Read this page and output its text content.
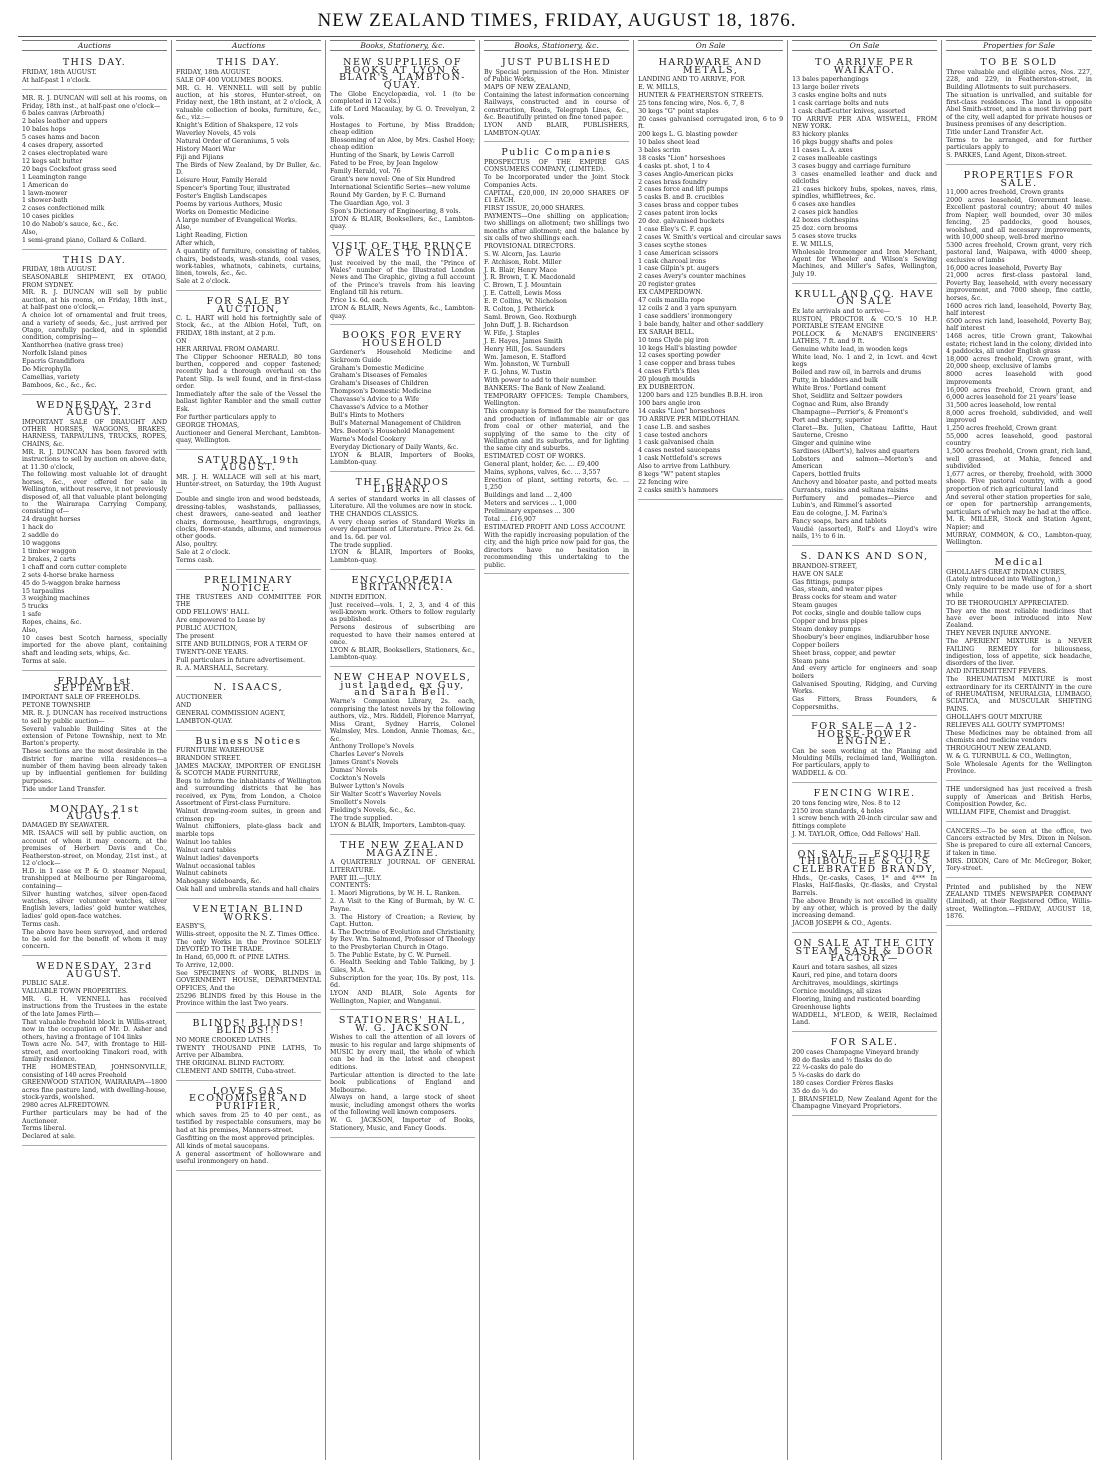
NEW ZEALAND TIMES, FRIDAY, AUGUST 18, 1876.
Auctions
THIS DAY.
FRIDAY, 18th AUGUST.
At half-past 1 o'clock.
MR. R. J. DUNCAN will sell at his rooms, on Friday, 18th inst., at half-past one o'clock—
6 bales canvas (Arbroath)
2 bales leather and uppers
10 bales hops
5 cases hams and bacon
4 cases drapery, assorted
2 cases electroplated ware
12 kegs salt butter
20 bags Cocksfoot grass seed
1 Leamington range
1 American do
1 lawn-mower
1 shower-bath
2 cases confectioned milk
10 cases pickles
10 do Nabob's sauce, &c., &c.
Also,
1 semi-grand piano, Collard & Collard.
THIS DAY.
FRIDAY, 18th AUGUST.
SEASONABLE SHIPMENT, EX OTAGO, FROM SYDNEY.
MR. R. J. DUNCAN will sell by public auction, at his rooms, on Friday, 18th inst., at half-past one o'clock,—
A choice lot of ornamental and fruit trees, and a variety of seeds, &c., just arrived per Otago, carefully packed, and in splendid condition, comprising—
Xanthorrhea (native grass tree)
Norfolk Island pines
Epacris Grandiflora
Do Microphylla
Camellias, variety
Bamboos, &c., &c., &c.
WEDNESDAY, 23rd AUGUST.
IMPORTANT SALE OF DRAUGHT AND OTHER HORSES, WAGGONS, BRAKES, HARNESS, TARPAULINS, TRUCKS, ROPES, CHAINS, &c.
MR. R. J. DUNCAN has been favored with instructions to sell by auction on above date, at 11.30 o'clock,
The following most valuable lot of draught horses, &c., ever offered for sale in Wellington, without reserve, it not previously disposed of, all that valuable plant belonging to the Wairarapa Carrying Company, consisting of—
24 draught horses
1 hack do
2 saddle do
10 waggons
1 timber waggon
2 brakes, 2 carts
1 chaff and corn cutter complete
2 sets 4-horse brake harness
45 do 5-waggon brake harness
15 tarpaulins
3 weighing machines
5 trucks
1 safe
Ropes, chains, &c.
Also,
10 cases best Scotch harness, specially imported for the above plant, containing shaft and leading sets, whips, &c.
Terms at sale.
FRIDAY, 1st SEPTEMBER.
IMPORTANT SALE OF FREEHOLDS.
PETONE TOWNSHIP.
MR. R. J. DUNCAN has received instructions to sell by public auction—
Several valuable Building Sites at the extension of Petone Township, next to Mr. Barton's property.
These sections are the most desirable in the district for marine villa residences—a number of them having been already taken up by influential gentlemen for building purposes.
Tide under Land Transfer.
MONDAY, 21st AUGUST.
DAMAGED BY SEAWATER.
MR. ISAACS will sell by public auction, on account of whom it may concern, at the premises of Herbert Davis and Co., Featherston-street, on Monday, 21st inst., at 12 o'clock—
H.D. in 1 case ex P. & O. steamer Nepaul, transhipped at Melbourne per Ringarooma, containing—
Silver hunting watches, silver open-faced watches, silver volunteer watches, silver English levers, ladies' gold hunter watches, ladies' gold open-face watches.
Terms cash.
The above have been surveyed, and ordered to be sold for the benefit of whom it may concern.
WEDNESDAY, 23rd AUGUST.
PUBLIC SALE.
VALUABLE TOWN PROPERTIES.
MR. G. H. VENNELL has received instructions from the Trustees in the estate of the late James Firth—
That valuable freehold block in Willis-street, now in the occupation of Mr. D. Asher and others, having a frontage of 104 links
Town acre No. 547, with frontage to Hill-street, and overlooking Tinakori road, with family residence.
THE HOMESTEAD, JOHNSONVILLE, consisting of 140 acres Freehold
GREENWOOD STATION, WAIRARAPA—1800 acres fine pasture land, with dwelling-house, stock-yards, woolshed.
2980 acres ALFREDTOWN.
Further particulars may be had of the Auctioneer.
Terms liberal.
Declared at sale.
Auctions
THIS DAY.
FRIDAY, 18th AUGUST.
SALE OF 400 VOLUMES BOOKS.
MR. G. H. VENNELL will sell by public auction, at his stores, Hunter-street, on Friday next, the 18th instant, at 2 o'clock, A valuable collection of books, furniture, &c., &c., viz.:—
Knight's Edition of Shakspere, 12 vols
Waverley Novels, 45 vols
Natural Order of Geraniums, 5 vols
History Maori War
Fiji and Fijians
The Birds of New Zealand, by Dr Buller, &c. D.
Leisure Hour, Family Herald
Spencer's Sporting Tour, illustrated
Foster's English Landscapes
Poems by various Authors, Music
Works on Domestic Medicine
A large number of Evangelical Works.
Also,
Light Reading, Fiction
After which,
A quantity of furniture, consisting of tables, chairs, bedsteads, wash-stands, coal vases, work-tables, whatnots, cabinets, curtains, linen, towels, &c., &c.
Sale at 2 o'clock.
FOR SALE BY AUCTION,
C. L. HART will hold his fortnightly sale of Stock, &c., at the Albion Hotel, Tuft, on FRIDAY, 18th instant, at 2 p.m.
ON
HER ARRIVAL FROM OAMARU.
The Clipper Schooner HERALD, 80 tons burthen, coppered and copper fastened; recently had a thorough overhaul on the Patent Slip. Is well found, and in first-class order.
Immediately after the sale of the Vessel the ballast lighter Rambler and the small cutter Esk.
For further particulars apply to
GEORGE THOMAS,
Auctioneer and General Merchant, Lambton-quay, Wellington.
SATURDAY, 19th AUGUST.
MR. J. H. WALLACE will sell at his mart, Hunter-street, on Saturday, the 19th August—
Double and single iron and wood bedsteads, dressing-tables, washstands, palliasses, chest drawers, cane-seated and leather chairs, dormouse, hearthrugs, engravings, clocks, flower-stands, albums, and numerous other goods.
Also, poultry.
Sale at 2 o'clock.
Terms cash.
PRELIMINARY NOTICE.
THE TRUSTEES AND COMMITTEE FOR THE
ODD FELLOWS' HALL
Are empowered to Lease by
PUBLIC AUCTION,
The present
SITE AND BUILDINGS, FOR A TERM OF
TWENTY-ONE YEARS.
Full particulars in future advertisement.
R. A. MARSHALL, Secretary.
N. ISAACS,
AUCTIONEER
AND
GENERAL COMMISSION AGENT,
LAMBTON-QUAY.
Business Notices
FURNITURE WAREHOUSE
BRANDON STREET.
JAMES MACKAY, IMPORTER OF ENGLISH & SCOTCH MADE FURNITURE,
Begs to inform the inhabitants of Wellington and surrounding districts that he has received, ex Pym, from London, a Choice Assortment of First-class Furniture.
Walnut drawing-room suites, in green and crimson rep
Walnut chiffoniers, plate-glass back and marble tops
Walnut loo tables
Walnut card tables
Walnut ladies' davenports
Walnut occasional tables
Walnut cabinets
Mahogany sideboards, &c.
Oak hall and umbrella stands and hall chairs
VENETIAN BLIND WORKS.
EASBY'S,
Willis-street, opposite the N. Z. Times Office.
The only Works in the Province SOLELY DEVOTED TO THE TRADE.
In Hand, 65,000 ft. of PINE LATHS.
To Arrive, 12,000.
See SPECIMENS of WORK, BLINDS in GOVERNMENT HOUSE, DEPARTMENTAL OFFICES, And the
25296 BLINDS fixed by this House in the Province within the last Two years.
BLINDS! BLINDS! BLINDS!!!
NO MORE CROOKED LATHS.
TWENTY THOUSAND PINE LATHS, To Arrive per Albambra.
THE ORIGINAL BLIND FACTORY.
CLEMENT AND SMITH, Cuba-street.
LOVES GAS ECONOMISER AND PURIFIER,
which saves from 25 to 40 per cent., as testified by respectable consumers, may be had at his premises, Manners-street.
Gasfitting on the most approved principles.
All kinds of metal saucepans.
A general assortment of hollowware and useful ironmongery on hand.
Books, Stationery, &c.
NEW SUPPLIES OF BOOKS AT LYON & BLAIR'S, LAMBTON-QUAY.
The Globe Encyclopædia, vol. 1 (to be completed in 12 vols.)
Life of Lord Macaulay, by G. O. Trevelyan, 2 vols.
Hostages to Fortune, by Miss Braddon; cheap edition
Blossoming of an Aloe, by Mrs. Cashel Hoey; cheap edition
Hunting of the Snark, by Lewis Carroll
Fated to be Free, by Jean Ingelow
Family Herald, vol. 76
Grant's new novel: One of Six Hundred
International Scientific Series—new volume
Round My Garden, by F. C. Burnand
The Guardian Ago, vol. 3
Spon's Dictionary of Engineering, 8 vols.
LYON & BLAIR, Booksellers, &c., Lambton-quay.
VISIT OF THE PRINCE OF WALES TO INDIA.
Just received by the mail, the "Prince of Wales" number of the Illustrated London News and The Graphic, giving a full account of the Prince's travels from his leaving England till his return.
Price 1s. 6d. each.
LYON & BLAIR, News Agents, &c., Lambton-quay.
BOOKS FOR EVERY HOUSEHOLD
Gardener's Household Medicine and Sickroom Guide
Graham's Domestic Medicine
Graham's Diseases of Females
Graham's Diseases of Children
Thompson's Domestic Medicine
Chavasse's Advice to a Wife
Chavasse's Advice to a Mother
Bull's Hints to Mothers
Bull's Maternal Management of Children
Mrs. Beeton's Household Management
Warne's Model Cookery
Everyday Dictionary of Daily Wants, &c.
LYON & BLAIR, Importers of Books, Lambton-quay.
THE CHANDOS LIBRARY.
A series of standard works in all classes of Literature. All the volumes are now in stock.
THE CHANDOS CLASSICS.
A very cheap series of Standard Works in every department of Literature. Price 2s. 6d. and 1s. 6d. per vol.
The trade supplied.
LYON & BLAIR, Importers of Books, Lambton-quay.
ENCYCLOPÆDIA BRITANNICA.
NINTH EDITION.
Just received—vols. 1, 2, 3, and 4 of this well-known work. Others to follow regularly as published.
Persons desirous of subscribing are requested to have their names entered at once.
LYON & BLAIR, Booksellers, Stationers, &c., Lambton-quay.
NEW CHEAP NOVELS, just landed, ex Guy, and Sarah Bell.
Warne's Companion Library, 2s. each, comprising the latest novels by the following authors, viz., Mrs. Riddell, Florence Marryat, Miss Grant, Sydney Harris, Colonel Walmsley, Mrs. London, Annie Thomas, &c., &c.
Anthony Trollope's Novels
Charles Lever's Novels
James Grant's Novels
Dumas' Novels
Cockton's Novels
Bulwer Lytton's Novels
Sir Walter Scott's Waverley Novels
Smollett's Novels
Fielding's Novels, &c., &c.
The trade supplied.
LYON & BLAIR, Importers, Lambton-quay.
THE NEW ZEALAND MAGAZINE.
A QUARTERLY JOURNAL OF GENERAL LITERATURE.
PART III.—JULY.
CONTENTS:
1. Maori Migrations, by W. H. L. Ranken.
2. A Visit to the King of Burmah, by W. C. Payne.
3. The History of Creation; a Review, by Capt. Hutton.
4. The Doctrine of Evolution and Christianity, by Rev. Wm. Salmond, Professor of Theology to the Presbyterian Church in Otago.
5. The Public Estate, by C. W. Purnell.
6. Health Seeking and Table Talking, by J. Giles, M.A.
Subscription for the year, 10s. By post, 11s. 6d.
LYON AND BLAIR, Sole Agents for Wellington, Napier, and Wanganui.
STATIONERS' HALL, W. G. JACKSON
Wishes to call the attention of all lovers of music to his regular and large shipments of MUSIC by every mail, the whole of which can be had in the latest and cheapest editions.
Particular attention is directed to the late book publications of England and Melbourne.
Always on hand, a large stock of sheet music, including amongst others the works of the following well known composers.
W. G. JACKSON, Importer of Books, Stationery, Music, and Fancy Goods.
Books, Stationery, &c.
JUST PUBLISHED
By Special permission of the Hon. Minister of Public Works,
MAPS OF NEW ZEALAND,
Containing the latest information concerning Railways, constructed and in course of construction, Roads, Telegraph Lines, &c., &c. Beautifully printed on fine toned paper.
LYON AND BLAIR, PUBLISHERS, LAMBTON-QUAY.
Public Companies
PROSPECTUS OF THE EMPIRE GAS CONSUMERS COMPANY, (LIMITED).
To be Incorporated under the Joint Stock Companies Acts.
CAPITAL, £20,000, IN 20,000 SHARES OF £1 EACH.
FIRST ISSUE, 20,000 SHARES.
PAYMENTS—One shilling on application; two shillings on allotment; two shillings two months after allotment; and the balance by six calls of two shillings each.
PROVISIONAL DIRECTORS.
S. W. Alcorn, Jas. Laurie
F. Atchison, Robt. Miller
J. R. Blair, Henry Mace
J. R. Brown, T. K. Macdonald
C. Brown, T. J. Mountain
J. E. Cattell, Lewis Moss
E. P. Collins, W. Nicholson
R. Colton, J. Petherick
Saml. Brown, Geo. Roxburgh
John Duff, J. B. Richardson
W. Fife, J. Staples
J. E. Hayes, James Smith
Henry Hill, Jos. Saunders
Wm. Jameson, E. Stafford
Wm. Johnston, W. Turnbull
F. G. Johns, W. Tustin
With power to add to their number.
BANKERS: The Bank of New Zealand.
TEMPORARY OFFICES: Temple Chambers, Wellington.
This company is formed for the manufacture and production of inflammable air or gas from coal or other material, and the supplying of the same to the city of Wellington and its suburbs, and for lighting the same city and suburbs.
ESTIMATED COST OF WORKS.
General plant, holder, &c. ... £9,400
Mains, syphons, valves, &c. ... 3,557
Erection of plant, setting retorts, &c. ... 1,250
Buildings and land ... 2,400
Meters and services ... 1,000
Preliminary expenses ... 300
Total ... £16,907
ESTIMATED PROFIT AND LOSS ACCOUNT.
With the rapidly increasing population of the city, and the high price now paid for gas, the directors have no hesitation in recommending this undertaking to the public.
On Sale
HARDWARE AND METALS,
LANDING AND TO ARRIVE, FOR
E. W. MILLS,
HUNTER & FEATHERSTON STREETS.
25 tons fencing wire, Nos. 6, 7, 8
30 kegs "G" point staples
20 cases galvanised corrugated iron, 6 to 9 ft.
200 kegs L. G. blasting powder
10 bales sheet lead
3 bales scrim
18 casks "Lion" horseshoes
4 casks pt. shot, 1 to 4
3 cases Anglo-American picks
2 cases brass foundry
2 cases force and lift pumps
5 casks B. and B. crucibles
3 cases brass and copper tubes
2 cases patent iron locks
20 doz. galvanised buckets
1 case Eley's C. F. caps
2 cases W. Smith's vertical and circular saws
3 cases scythe stones
1 case American scissors
1 cask charcoal irons
1 case Gilpin's pt. augers
2 cases Avery's counter machines
20 register grates
EX CAMPERDOWN.
47 coils manilla rope
12 coils 2 and 3 yarn spunyarn
1 case saddlers' ironmongery
1 bale bandy, halter and other saddlery
EX SARAH BELL.
10 tons Clyde pig iron
10 kegs Hall's blasting powder
12 cases sporting powder
1 case copper and brass tubes
4 cases Firth's files
20 plough moulds
EX DUBBERTON.
1200 bars and 125 bundles B.B.H. iron
100 bars angle iron
14 casks "Lion" horseshoes
TO ARRIVE PER MIDLOTHIAN.
1 case L.B. and sashes
1 case tested anchors
1 cask galvanised chain
4 cases nested saucepans
1 cask Nettlefold's screws
Also to arrive from Lathbury.
8 kegs "W" patent staples
22 fencing wire
2 casks smith's hammers
On Sale
TO ARRIVE PER WAIKATO.
13 bales paperhangings
13 large boiler rivets
3 casks engine bolts and nuts
1 cask carriage bolts and nuts
1 cask chaff-cutter knives, assorted
TO ARRIVE PER ADA WISWELL, FROM NEW YORK.
83 hickory planks
16 pkgs buggy shafts and poles
11 cases L. A. axes
2 cases malleable castings
3 cases buggy and carriage furniture
3 cases enamelled leather and duck and oilcloths
21 cases hickory hubs, spokes, naves, rims, spindles, whiffletrees, &c.
6 cases axe handles
2 cases pick handles
42 boxes clothespins
25 doz. corn brooms
5 cases stove trucks
E. W. MILLS,
Wholesale Ironmonger and Iron Merchant, Agent for Wheeler and Wilson's Sewing Machines, and Miller's Safes, Wellington, July 19.
KRULL AND CO. HAVE ON SALE
Ex late arrivals and to arrive—
RUSTON, PROCTOR & CO.'S 10 H.P. PORTABLE STEAM ENGINE
POLLOCK & McNAB'S ENGINEERS' LATHES, 7 ft. and 9 ft.
Genuine white lead, in wooden kegs
White lead, No. 1 and 2, in 1cwt. and 4cwt kegs
Boiled and raw oil, in barrels and drums
Putty, in bladders and bulk
White Bros.' Portland cement
Shot, Seidlitz and Seltzer powders
Cognac and Rum, also Brandy
Champagne—Perrier's, & Fremont's
Port and sherry, superior
Claret—Bx. Julien, Chateau Lafitte, Haut Sauterne, Cresno
Ginger and quinine wine
Sardines (Albert's), halves and quarters
Lobsters and salmon—Morton's and American
Capers, bottled fruits
Anchovy and bloater paste, and potted meats
Currants, raisins and sultana raisins
Perfumery and pomades—Pierce and Lubin's, and Rimmel's assorted
Eau de cologne, J. M. Farina's
Fancy soaps, bars and tablets
Vaudié (assorted), Rolf's and Lloyd's wire nails, 1½ to 6 in.
S. DANKS AND SON,
BRANDON-STREET,
HAVE ON SALE
Gas fittings, pumps
Gas, steam, and water pipes
Brass cocks for steam and water
Steam gauges
Pot cocks, single and double tallow cups
Copper and brass pipes
Steam donkey pumps
Shoebury's beer engines, indiarubber hose
Copper boilers
Sheet brass, copper, and pewter
Steam pans
And every article for engineers and soap boilers
Galvanised Spouting, Ridging, and Curving Works.
Gas Fitters, Brass Founders, & Coppersmiths.
FOR SALE—A 12-HORSE-POWER ENGINE.
Can be seen working at the Planing and Moulding Mills, reclaimed land, Wellington. For particulars, apply to
WADDELL & CO.
FENCING WIRE.
20 tons fencing wire, Nos. 8 to 12
2150 iron standards, 4 holes
1 screw bench with 20-inch circular saw and fittings complete
J. M. TAYLOR, Office, Odd Fellows' Hall.
ON SALE — ESQUIRE THIBOUCHE & CO.'S CELEBRATED BRANDY,
Hhds., Qr.-casks, Cases, 1* and 4*** In Flasks, Half-flasks, Qr.-flasks, and Crystal Barrels.
The above Brandy is not excelled in quality by any other, which is proved by the daily increasing demand.
JACOB JOSEPH & CO., Agents.
ON SALE AT THE CITY STEAM SASH & DOOR FACTORY—
Kauri and totara sashes, all sizes
Kauri, red pine, and totara doors
Architraves, mouldings, skirtings
Cornice mouldings, all sizes
Flooring, lining and rusticated boarding
Greenhouse lights
WADDELL, M'LEOD, & WEIR, Reclaimed Land.
FOR SALE.
200 cases Champagne Vineyard brandy
80 do flasks and ½ flasks do do
22 ¼-casks do pale do
5 ¼-casks do dark do
180 cases Cordier Frères flasks
35 do do ¼ do
J. BRANSFIELD, New Zealand Agent for the Champagne Vineyard Proprietors.
Properties for Sale
TO BE SOLD
Three valuable and eligible acres, Nos. 227, 228, and 229, in Featherston-street, in Building Allotments to suit purchasers.
The situation is unrivalled, and suitable for first-class residences. The land is opposite Abel Smith-street, and in a most thriving part of the city, well adapted for private houses or business premises of any description.
Title under Land Transfer Act.
Terms to be arranged, and for further particulars apply to
S. PARKES, Land Agent, Dixon-street.
PROPERTIES FOR SALE.
11,000 acres freehold, Crown grants
2000 acres leasehold, Government lease. Excellent pastoral country; about 40 miles from Napier, well bounded, over 30 miles fencing, 25 paddocks, good houses, woolshed, and all necessary improvements, with 10,000 sheep, well-bred merino
5300 acres freehold, Crown grant, very rich pastoral land, Waipawa, with 4000 sheep, exclusive of lambs
16,000 acres leasehold, Poverty Bay
21,000 acres first-class pastoral land, Poverty Bay, leasehold, with every necessary improvement, and 7000 sheep, fine cattle, horses, &c.
1600 acres rich land, leasehold, Poverty Bay, half interest
6500 acres rich land, leasehold, Poverty Bay, half interest
1468 acres, title Crown grant, Takowhai estate; richest land in the colony, divided into 4 paddocks, all under English grass
18,000 acres freehold, Crown grant, with 20,000 sheep, exclusive of lambs
8000 acres leasehold with good improvements
16,000 acres freehold, Crown grant, and 6,000 acres leasehold for 21 years' lease
31,500 acres leasehold, low rental
8,000 acres freehold, subdivided, and well improved
1,250 acres freehold, Crown grant
55,000 acres leasehold, good pastoral country
1,500 acres freehold, Crown grant, rich land, well grassed, at Mahia, fenced and subdivided
1,677 acres, or thereby, freehold, with 3000 sheep. Five pastoral country, with a good proportion of rich agricultural land
And several other station properties for sale, or open for partnership arrangements, particulars of which may be had at the office.
M. R. MILLER, Stock and Station Agent, Napier; and
MURRAY, COMMON, & CO., Lambton-quay, Wellington.
Medical
GHOLLAH'S GREAT INDIAN CURES,
(Lately introduced into Wellington,)
Only require to be made use of for a short while
TO BE THOROUGHLY APPRECIATED.
They are the most reliable medicines that have ever been introduced into New Zealand.
THEY NEVER INJURE ANYONE.
The APERIENT MIXTURE is a NEVER FAILING REMEDY for biliousness, indigestion, loss of appetite, sick headache, disorders of the liver.
AND INTERMITTENT FEVERS.
The RHEUMATISM MIXTURE is most extraordinary for its CERTAINTY in the cure of RHEUMATISM, NEURALGIA, LUMBAGO, SCIATICA, and MUSCULAR SHIFTING PAINS.
GHOLLAH'S GOUT MIXTURE
RELIEVES ALL GOUTY SYMPTOMS!
These Medicines may be obtained from all chemists and medicine vendors
THROUGHOUT NEW ZEALAND.
W. & G. TURNBULL & CO., Wellington,
Sole Wholesale Agents for the Wellington Province.
THE undersigned has just received a fresh supply of American and British Herbs, Composition Powder, &c.
WILLIAM FIFE, Chemist and Druggist.
CANCERS.—To be seen at the office, two Cancers extracted by Mrs. Dixon in Nelson. She is prepared to cure all external Cancers, if taken in time.
MRS. DIXON, Care of Mr. McGregor, Boker, Tory-street.
Printed and published by the NEW ZEALAND TIMES NEWSPAPER COMPANY (Limited), at their Registered Office, Willis-street, Wellington.—FRIDAY, AUGUST 18, 1876.
